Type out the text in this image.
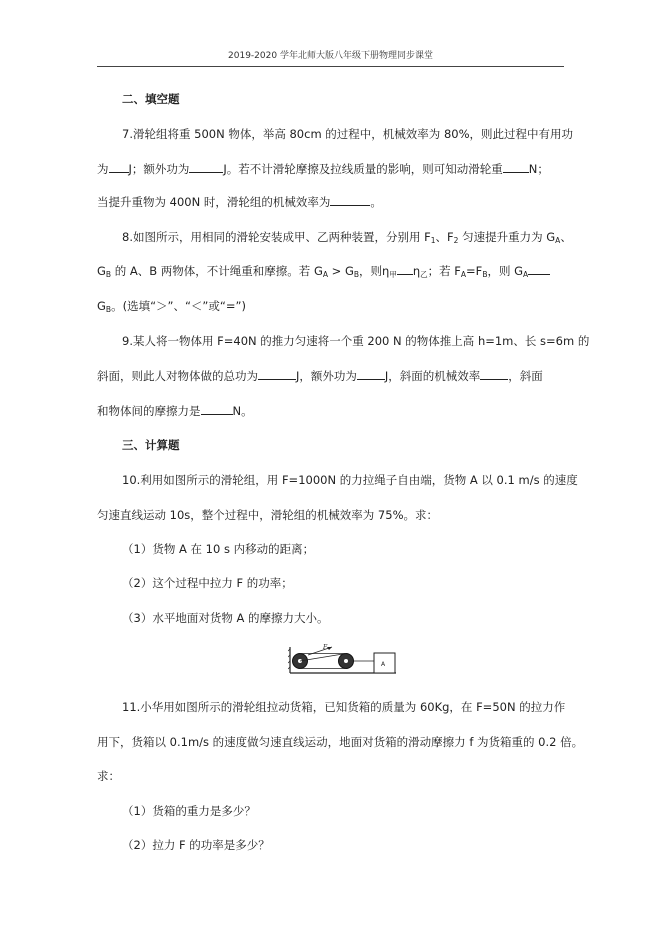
2019-2020 学年北师大版八年级下册物理同步课堂
二、填空题
7.滑轮组将重 500N 物体，举高 80cm 的过程中，机械效率为 80%，则此过程中有用功
为 J；额外功为	J。若不计滑轮摩擦及拉线质量的影响，则可知动滑轮重 N；
当提升重物为 400N 时，滑轮组的机械效率为	。
8.如图所示，用相同的滑轮安装成甲、乙两种装置，分别用 $F_1$、$F_2$ 匀速提升重力为 $G_A$、
$G_B$ 的 A、B 两物体，不计绳重和摩擦。若 $G_A > G_B$，则$\eta_甲$ $\eta_乙$；若 $F_A=F_B$，则 $G_A$
$G_B$。(选填“＞”、“＜”或“=”)
9.某人将一物体用 F=40N 的推力匀速将一个重 200 N 的物体推上高 h=1m、长 s=6m 的
斜面，则此人对物体做的总功为	J，额外功为 J，斜面的机械效率 ，斜面
和物体间的摩擦力是	N。
三、计算题
10.利用如图所示的滑轮组，用 F=1000N 的力拉绳子自由端，货物 A 以 0.1 m/s 的速度
匀速直线运动 10s，整个过程中，滑轮组的机械效率为 75%。求：
（1）货物 A 在 10 s 内移动的距离；
（2）这个过程中拉力 F 的功率；
（3）水平地面对货物 A 的摩擦力大小。
F
A
11.小华用如图所示的滑轮组拉动货箱，已知货箱的质量为 60Kg，在 F=50N 的拉力作
用下，货箱以 0.1m/s 的速度做匀速直线运动，地面对货箱的滑动摩擦力 f 为货箱重的 0.2 倍。
求：
（1）货箱的重力是多少？
（2）拉力 F 的功率是多少？
